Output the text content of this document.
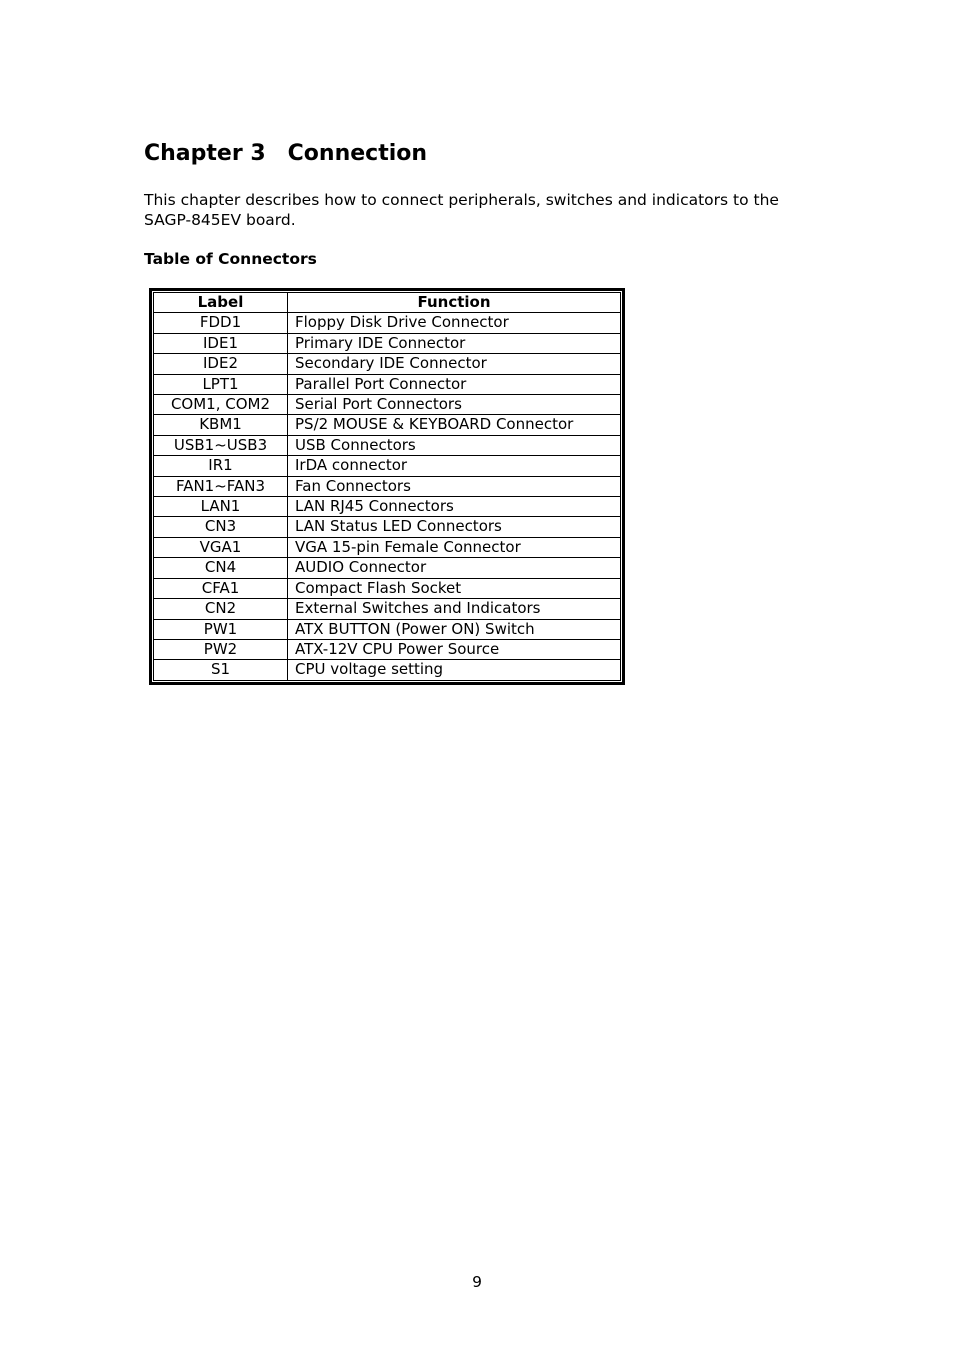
Chapter 3 Connection

This chapter describes how to connect peripherals, switches and indicators to the SAGP-845EV board.

Table of Connectors
Label	Function
FDD1	Floppy Disk Drive Connector
IDE1	Primary IDE Connector
IDE2	Secondary IDE Connector
LPT1	Parallel Port Connector
COM1, COM2	Serial Port Connectors
KBM1	PS/2 MOUSE & KEYBOARD Connector
USB1~USB3	USB Connectors
IR1	IrDA connector
FAN1~FAN3	Fan Connectors
LAN1	LAN RJ45 Connectors
CN3	LAN Status LED Connectors
VGA1	VGA 15-pin Female Connector
CN4	AUDIO Connector
CFA1	Compact Flash Socket
CN2	External Switches and Indicators
PW1	ATX BUTTON (Power ON) Switch
PW2	ATX-12V CPU Power Source
S1	CPU voltage setting
9
